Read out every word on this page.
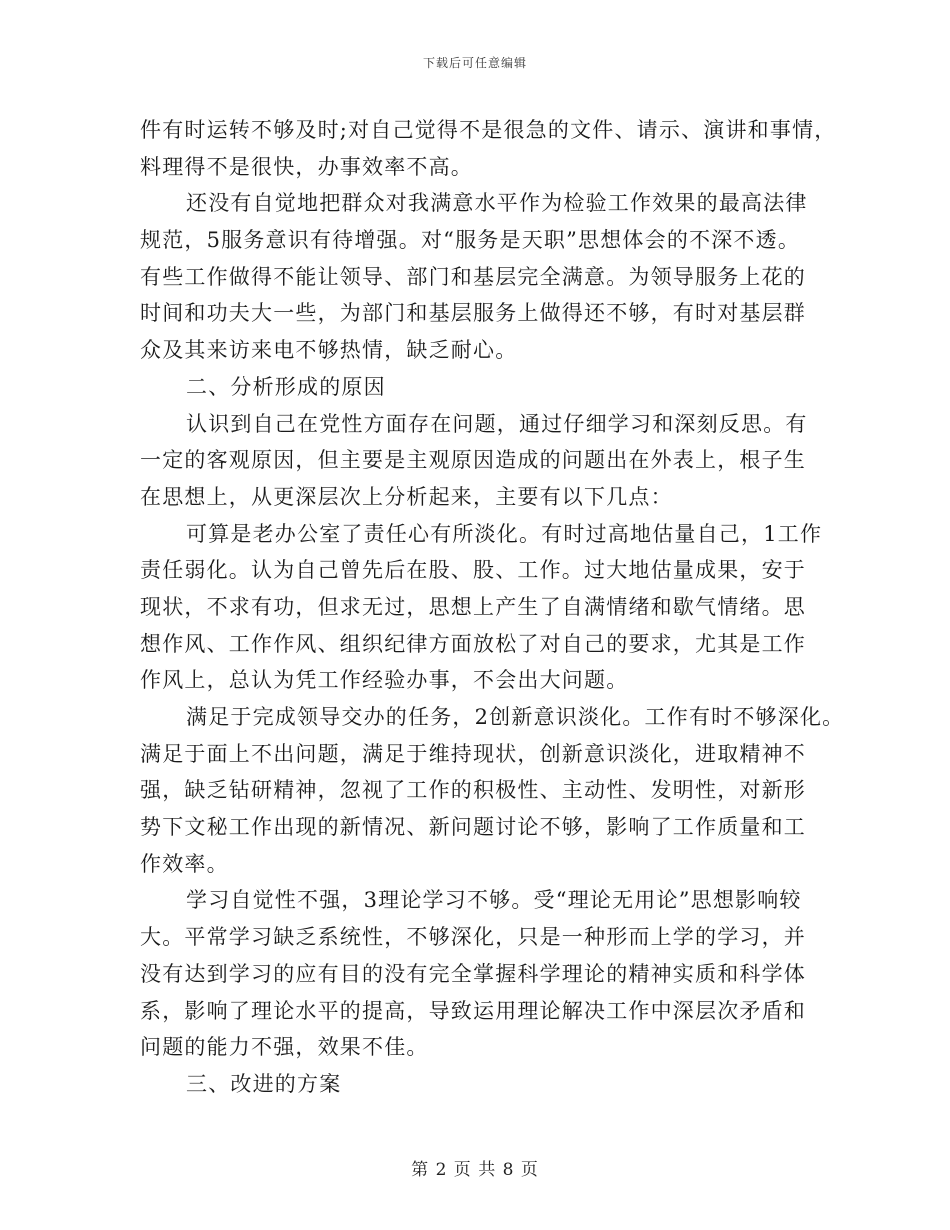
下载后可任意编辑
件有时运转不够及时;对自己觉得不是很急的文件、请示、演讲和事情，
料理得不是很快，办事效率不高。
还没有自觉地把群众对我满意水平作为检验工作效果的最高法律
规范，5服务意识有待增强。对“服务是天职”思想体会的不深不透。
有些工作做得不能让领导、部门和基层完全满意。为领导服务上花的
时间和功夫大一些，为部门和基层服务上做得还不够，有时对基层群
众及其来访来电不够热情，缺乏耐心。
二、分析形成的原因
认识到自己在党性方面存在问题，通过仔细学习和深刻反思。有
一定的客观原因，但主要是主观原因造成的问题出在外表上，根子生
在思想上，从更深层次上分析起来，主要有以下几点：
可算是老办公室了责任心有所淡化。有时过高地估量自己，1工作
责任弱化。认为自己曾先后在股、股、工作。过大地估量成果，安于
现状，不求有功，但求无过，思想上产生了自满情绪和歇气情绪。思
想作风、工作作风、组织纪律方面放松了对自己的要求，尤其是工作
作风上，总认为凭工作经验办事，不会出大问题。
满足于完成领导交办的任务，2创新意识淡化。工作有时不够深化。
满足于面上不出问题，满足于维持现状，创新意识淡化，进取精神不
强，缺乏钻研精神，忽视了工作的积极性、主动性、发明性，对新形
势下文秘工作出现的新情况、新问题讨论不够，影响了工作质量和工
作效率。
学习自觉性不强，3理论学习不够。受“理论无用论”思想影响较
大。平常学习缺乏系统性，不够深化，只是一种形而上学的学习，并
没有达到学习的应有目的没有完全掌握科学理论的精神实质和科学体
系，影响了理论水平的提高，导致运用理论解决工作中深层次矛盾和
问题的能力不强，效果不佳。
三、改进的方案
第 2 页 共 8 页
